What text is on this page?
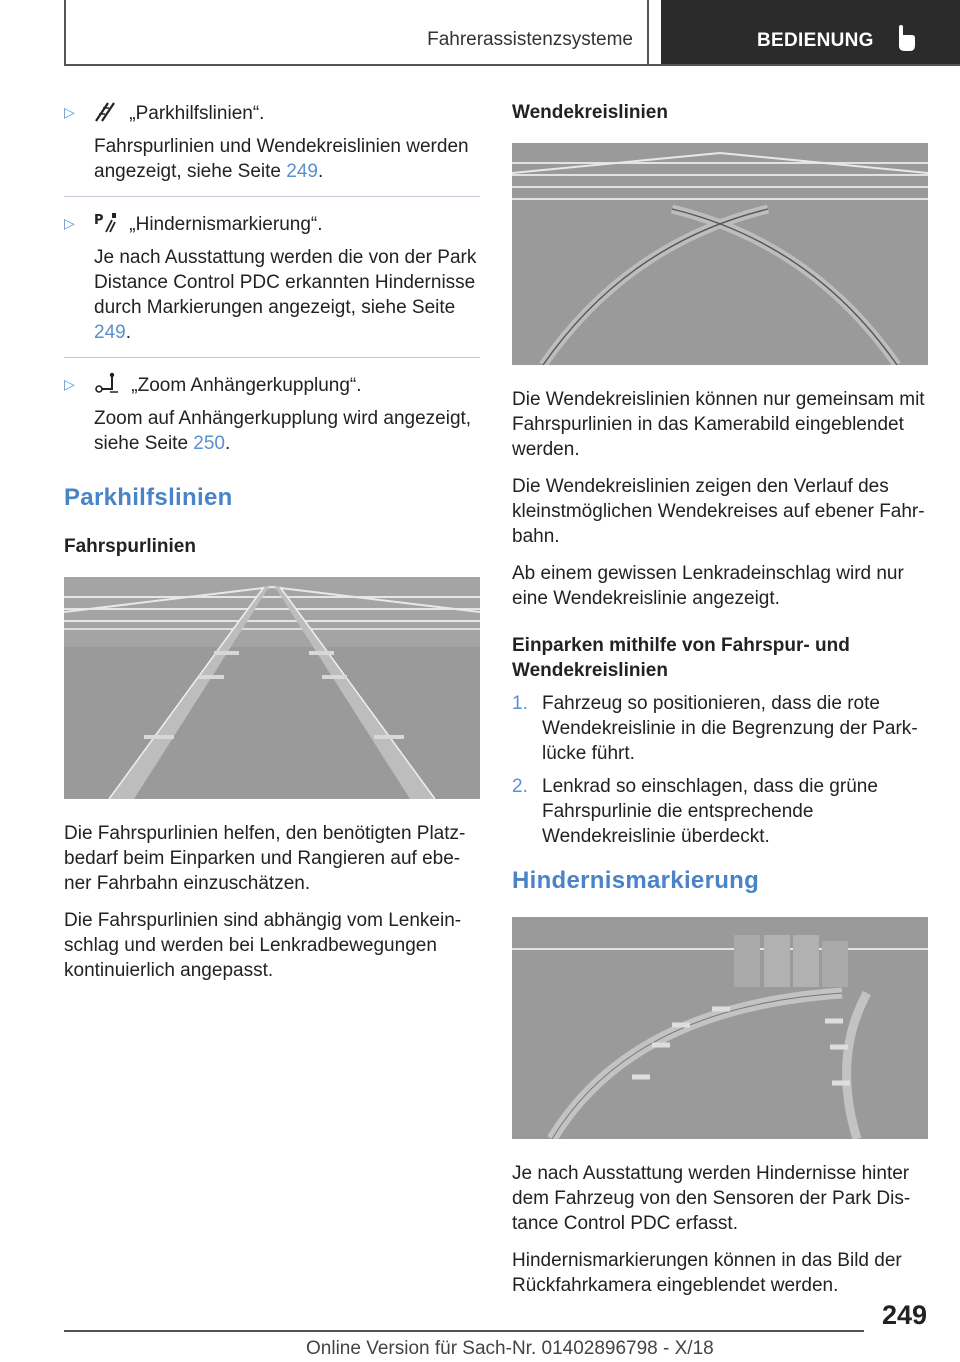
Fahrerassistenzsysteme	BEDIENUNG
▷	„Parkhilfslinien“.

Fahrspurlinien und Wendekreislinien werden angezeigt, siehe Seite 249.

▷ P „Hindernismarkierung“.

Je nach Ausstattung werden die von der Park Distance Control PDC erkannten Hindernisse durch Markierungen angezeigt, siehe Seite 249.

▷	„Zoom Anhängerkupplung“.

Zoom auf Anhängerkupplung wird angezeigt, siehe Seite 250.

Parkhilfslinien
Fahrspurlinien

Die Fahrspurlinien helfen, den benötigten Platzbedarf beim Einparken und Rangieren auf ebener Fahrbahn einzuschätzen.

Die Fahrspurlinien sind abhängig vom Lenkeinschlag und werden bei Lenkradbewegungen kontinuierlich angepasst.

Wendekreislinien

Die Wendekreislinien können nur gemeinsam mit Fahrspurlinien in das Kamerabild eingeblendet werden.

Die Wendekreislinien zeigen den Verlauf des kleinstmöglichen Wendekreises auf ebener Fahrbahn.

Ab einem gewissen Lenkradeinschlag wird nur eine Wendekreislinie angezeigt.

Einparken mithilfe von Fahrspur- und Wendekreislinien
1. Fahrzeug so positionieren, dass die rote Wendekreislinie in die Begrenzung der Parklücke führt.
2. Lenkrad so einschlagen, dass die grüne Fahrspurlinie die entsprechende Wendekreislinie überdeckt.
Hindernismarkierung

Je nach Ausstattung werden Hindernisse hinter dem Fahrzeug von den Sensoren der Park Distance Control PDC erfasst.

Hindernismarkierungen können in das Bild der Rückfahrkamera eingeblendet werden.

249
Online Version für Sach-Nr. 01402896798 - X/18
